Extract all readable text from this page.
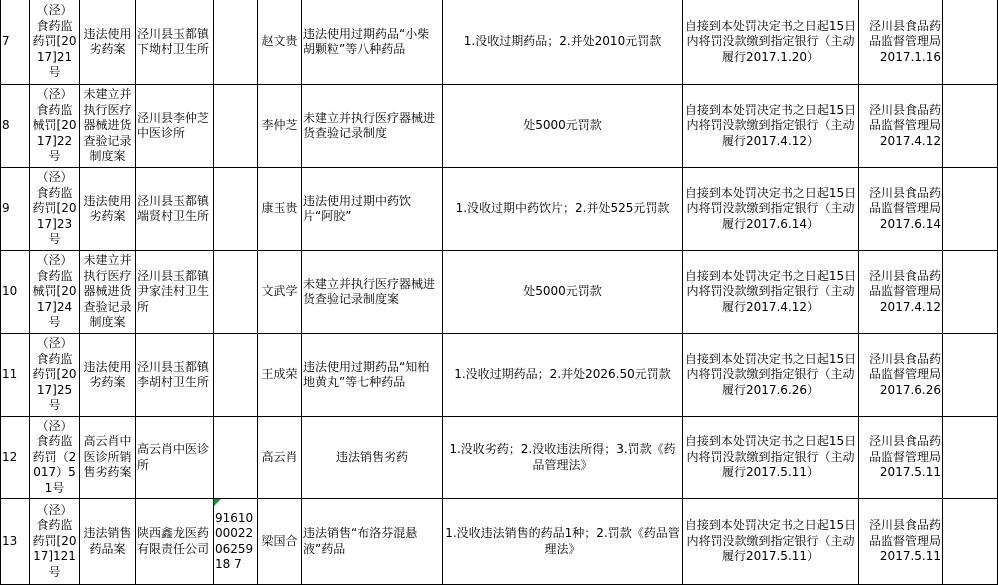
7	（泾）食药监药罚[2017]21号	违法使用劣药案	泾川县玉都镇下坳村卫生所		赵文贵	违法使用过期药品“小柴胡颗粒”等八种药品	1.没收过期药品；2.并处2010元罚款	自接到本处罚决定书之日起15日内将罚没款缴到指定银行（主动履行2017.1.20）	泾川县食品药品监督管理局
2017.1.16	

8	（泾）食药监械罚[2017]22号	未建立并执行医疗器械进货查验记录制度案	泾川县李仲芝中医诊所		李仲芝	未建立并执行医疗器械进货查验记录制度	处5000元罚款	自接到本处罚决定书之日起15日内将罚没款缴到指定银行（主动履行2017.4.12）	泾川县食品药品监督管理局
2017.4.12	

9	（泾）食药监药罚[2017]23号	违法使用劣药案	泾川县玉都镇端贤村卫生所		康玉贵	违法使用过期中药饮片“阿胶”	1.没收过期中药饮片；2.并处525元罚款	自接到本处罚决定书之日起15日内将罚没款缴到指定银行（主动履行2017.6.14）	泾川县食品药品监督管理局
2017.6.14	

10	（泾）食药监械罚[2017]24号	未建立并执行医疗器械进货查验记录制度案	泾川县玉都镇尹家洼村卫生所		文武学	未建立并执行医疗器械进货查验记录制度案	处5000元罚款	自接到本处罚决定书之日起15日内将罚没款缴到指定银行（主动履行2017.4.12）	泾川县食品药品监督管理局
2017.4.12	

11	（泾）食药监药罚[2017]25号	违法使用劣药案	泾川县玉都镇李胡村卫生所		王成荣	违法使用过期药品“知柏地黄丸”等七种药品	1.没收过期药品；2.并处2026.50元罚款	自接到本处罚决定书之日起15日内将罚没款缴到指定银行（主动履行2017.6.26）	泾川县食品药品监督管理局
2017.6.26	

12	（泾）食药监药罚（2017）51号	高云肖中医诊所销售劣药案	高云肖中医诊所		高云肖	违法销售劣药	1.没收劣药；2.没收违法所得；3.罚款《药品管理法》	自接到本处罚决定书之日起15日内将罚没款缴到指定银行（主动履行2017.5.11）	泾川县食品药品监督管理局
2017.5.11	

13	（泾）食药监药罚[2017]121号	违法销售药品案	陕西鑫龙医药有限责任公司	91610000220625918 7	梁国合	违法销售“布洛芬混悬液”药品	1.没收违法销售的药品1种；2.罚款《药品管理法》	自接到本处罚决定书之日起15日内将罚没款缴到指定银行（主动履行2017.5.11）	泾川县食品药品监督管理局
2017.5.11	
